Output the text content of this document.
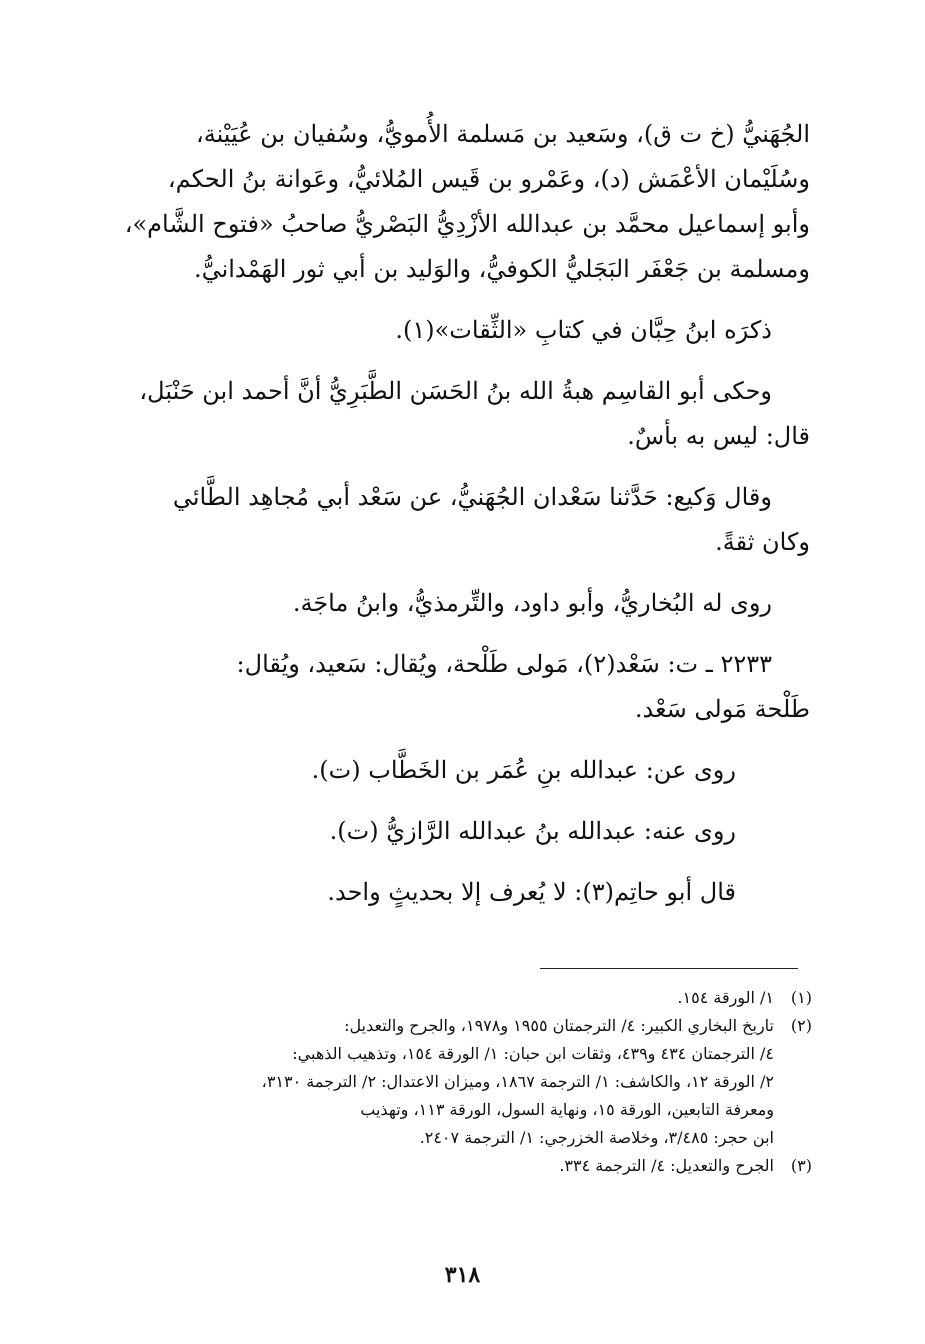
الجُهَنيُّ (خ ت ق)، وسَعيد بن مَسلمة الأُمويُّ، وسُفيان بن عُيَيْنة،
وسُلَيْمان الأعْمَش (د)، وعَمْرو بن قَيس المُلائيُّ، وعَوانة بنُ الحكم،
وأبو إسماعيل محمَّد بن عبدالله الأزْدِيُّ البَصْريُّ صاحبُ «فتوح الشَّام»،
ومسلمة بن جَعْفَر البَجَليُّ الكوفيُّ، والوَليد بن أبي ثور الهَمْدانيُّ.

ذكرَه ابنُ حِبَّان في كتابِ «الثِّقات»(١).

وحكى أبو القاسِم هبةُ الله بنُ الحَسَن الطَّبَرِيُّ أنَّ أحمد ابن حَنْبَل،
قال: ليس به بأسٌ.

وقال وَكيع: حَدَّثنا سَعْدان الجُهَنيُّ، عن سَعْد أبي مُجاهِد الطَّائي
وكان ثقةً.

روى له البُخاريُّ، وأبو داود، والتِّرمذيُّ، وابنُ ماجَة.

٢٢٣٣ ـ ت: سَعْد(٢)، مَولى طَلْحة، ويُقال: سَعيد، ويُقال:
طَلْحة مَولى سَعْد.

روى عن: عبدالله بنِ عُمَر بن الخَطَّاب (ت).

روى عنه: عبدالله بنُ عبدالله الرَّازيُّ (ت).

قال أبو حاتِم(٣): لا يُعرف إلا بحديثٍ واحد.

(١)
١/ الورقة ١٥٤.
(٢)
تاريخ البخاري الكبير: ٤/ الترجمتان ١٩٥٥ و١٩٧٨، والجرح والتعديل:
٤/ الترجمتان ٤٣٤ و٤٣٩، وثقات ابن حبان: ١/ الورقة ١٥٤، وتذهيب الذهبي:
٢/ الورقة ١٢، والكاشف: ١/ الترجمة ١٨٦٧، وميزان الاعتدال: ٢/ الترجمة ٣١٣٠،
ومعرفة التابعين، الورقة ١٥، ونهاية السول، الورقة ١١٣، وتهذيب
ابن حجر: ٣/٤٨٥، وخلاصة الخزرجي: ١/ الترجمة ٢٤٠٧.
(٣)
الجرح والتعديل: ٤/ الترجمة ٣٣٤.
٣١٨
